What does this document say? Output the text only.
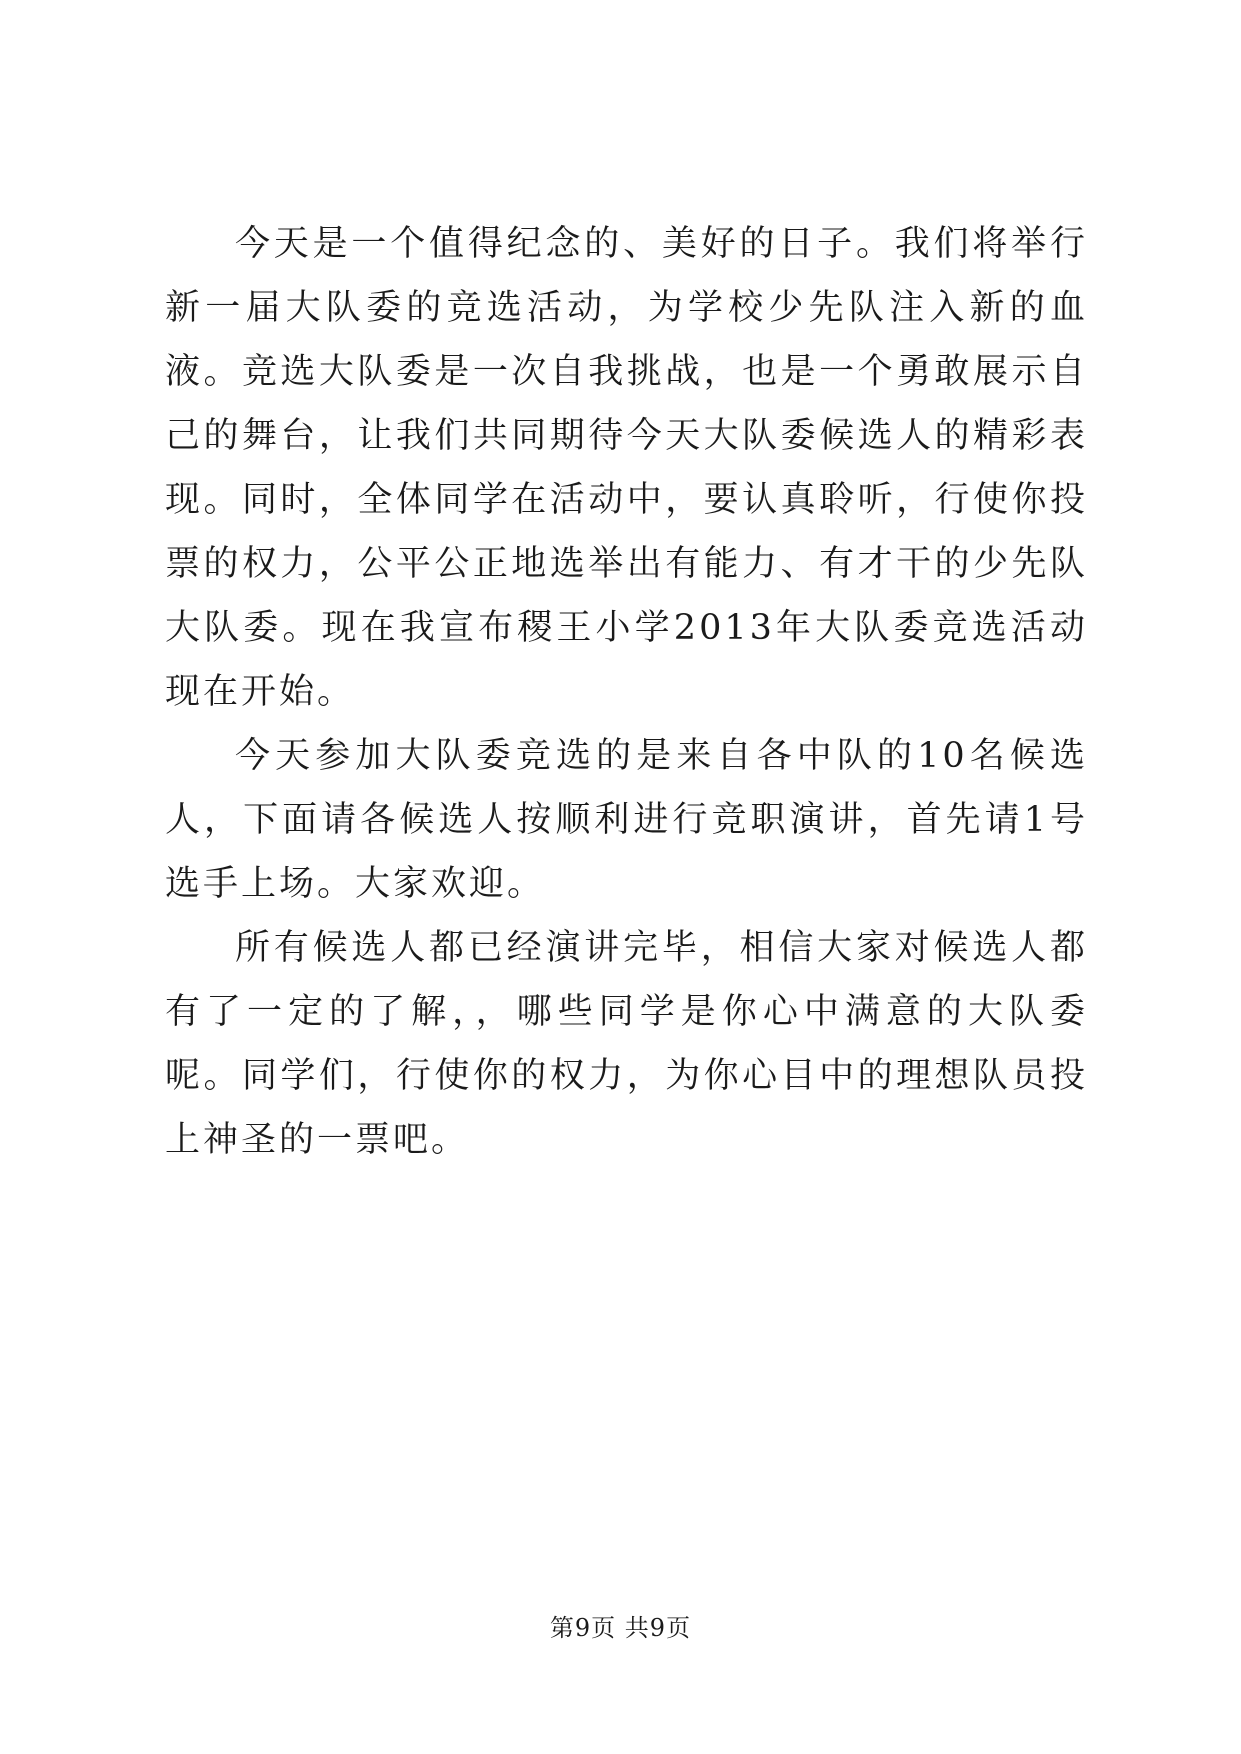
今天是一个值得纪念的、美好的日子。我们将举行新一届大队委的竞选活动，为学校少先队注入新的血液。竞选大队委是一次自我挑战，也是一个勇敢展示自己的舞台，让我们共同期待今天大队委候选人的精彩表现。同时，全体同学在活动中，要认真聆听，行使你投票的权力，公平公正地选举出有能力、有才干的少先队大队委。现在我宣布稷王小学2013年大队委竞选活动现在开始。

今天参加大队委竞选的是来自各中队的10名候选人，下面请各候选人按顺利进行竞职演讲，首先请1号选手上场。大家欢迎。

所有候选人都已经演讲完毕，相信大家对候选人都有了一定的了解，，哪些同学是你心中满意的大队委呢。同学们，行使你的权力，为你心目中的理想队员投上神圣的一票吧。

第9页 共9页
